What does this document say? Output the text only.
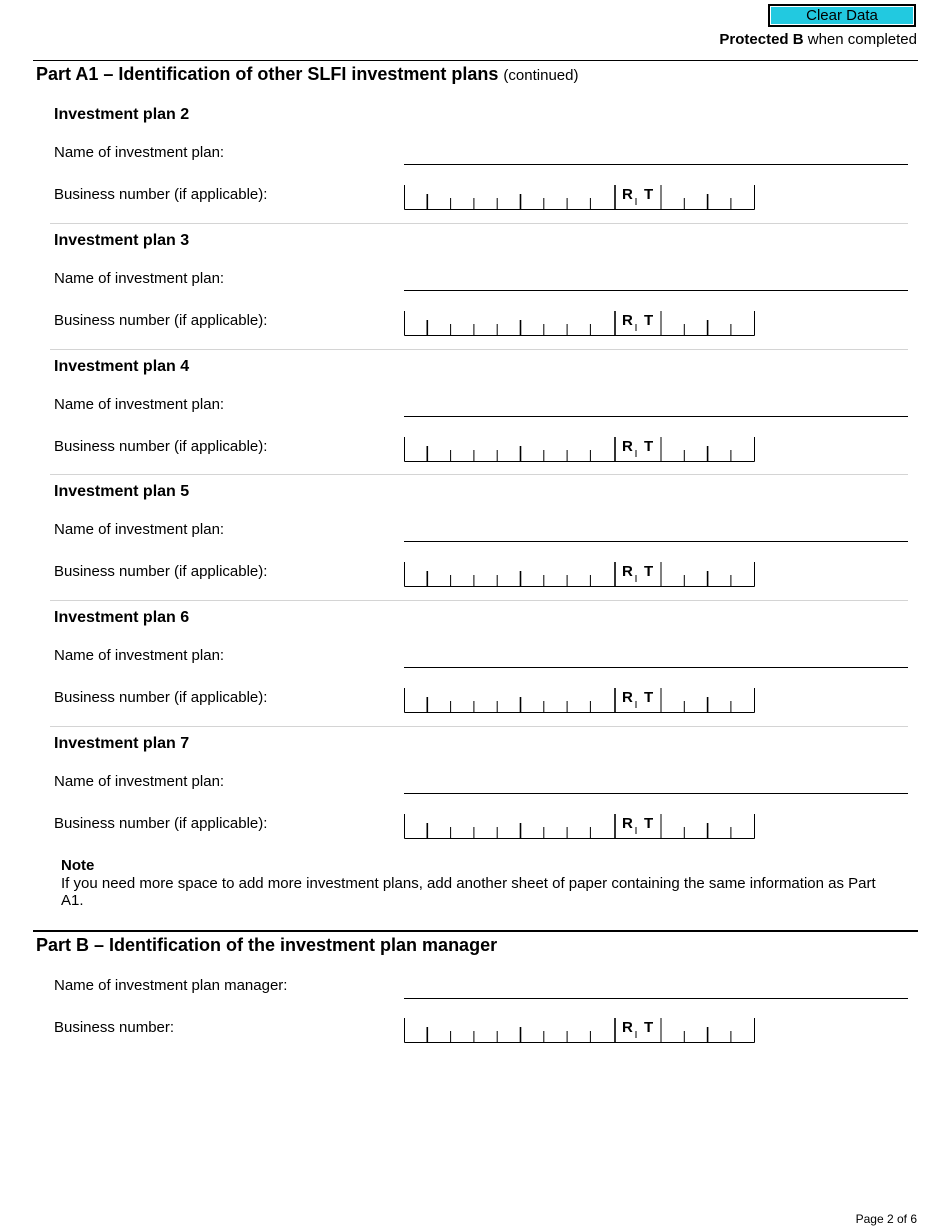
Clear Data
Protected B when completed
Part A1 – Identification of other SLFI investment plans (continued)
Investment plan 2
Name of investment plan:
Business number (if applicable):	R T
Investment plan 3
Name of investment plan:
Business number (if applicable):	R T
Investment plan 4
Name of investment plan:
Business number (if applicable):	R T
Investment plan 5
Name of investment plan:
Business number (if applicable):	R T
Investment plan 6
Name of investment plan:
Business number (if applicable):	R T
Investment plan 7
Name of investment plan:
Business number (if applicable):	R T
Note
If you need more space to add more investment plans, add another sheet of paper containing the same information as Part A1.
Part B – Identification of the investment plan manager
Name of investment plan manager:
Business number:	R T
Page 2 of 6
